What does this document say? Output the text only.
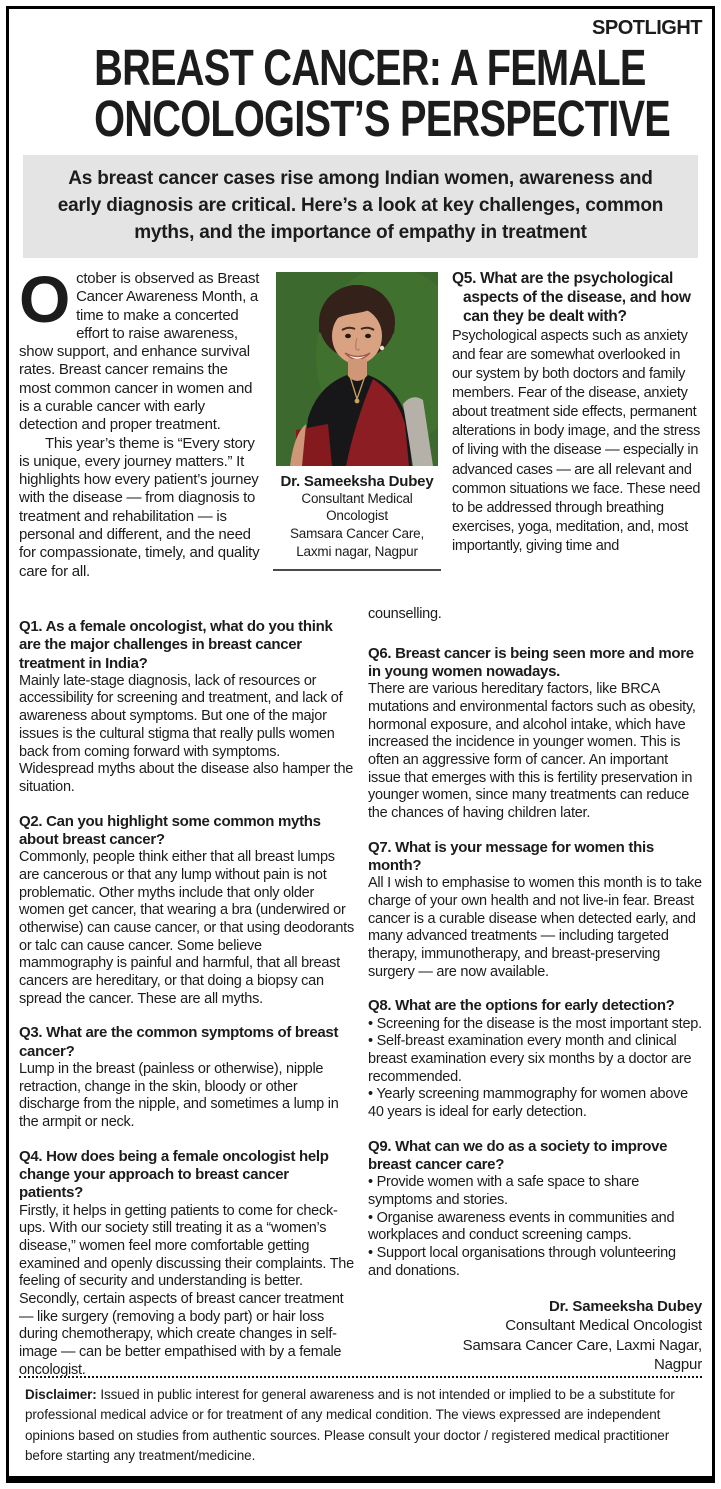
SPOTLIGHT
BREAST CANCER: A FEMALE
ONCOLOGIST’S PERSPECTIVE
As breast cancer cases rise among Indian women, awareness and early diagnosis are critical. Here’s a look at key challenges, common myths, and the importance of empathy in treatment

October is observed as Breast Cancer Awareness Month, a time to make a concerted effort to raise awareness, show support, and enhance survival rates. Breast cancer remains the most common cancer in women and is a curable cancer with early detection and proper treatment.

This year’s theme is “Every story is unique, every journey matters.” It highlights how every patient’s journey with the disease — from diagnosis to treatment and rehabilitation — is personal and different, and the need for compassionate, timely, and quality care for all.

Dr. Sameeksha Dubey
Consultant Medical Oncologist
Samsara Cancer Care,
Laxmi nagar, Nagpur
Q5. What are the psychological aspects of the disease, and how can they be dealt with?

Psychological aspects such as anxiety and fear are somewhat overlooked in our system by both doctors and family members. Fear of the disease, anxiety about treatment side effects, permanent alterations in body image, and the stress of living with the disease — especially in advanced cases — are all relevant and common situations we face. These need to be addressed through breathing exercises, yoga, meditation, and, most importantly, giving time and

Q1. As a female oncologist, what do you think are the major challenges in breast cancer treatment in India?

Mainly late-stage diagnosis, lack of resources or accessibility for screening and treatment, and lack of awareness about symptoms. But one of the major issues is the cultural stigma that really pulls women back from coming forward with symptoms. Widespread myths about the disease also hamper the situation.

Q2. Can you highlight some common myths about breast cancer?

Commonly, people think either that all breast lumps are cancerous or that any lump without pain is not problematic. Other myths include that only older women get cancer, that wearing a bra (underwired or otherwise) can cause cancer, or that using deodorants or talc can cause cancer. Some believe mammography is painful and harmful, that all breast cancers are hereditary, or that doing a biopsy can spread the cancer. These are all myths.

Q3. What are the common symptoms of breast cancer?

Lump in the breast (painless or otherwise), nipple retraction, change in the skin, bloody or other discharge from the nipple, and sometimes a lump in the armpit or neck.

Q4. How does being a female oncologist help change your approach to breast cancer patients?

Firstly, it helps in getting patients to come for check-ups. With our society still treating it as a “women’s disease,” women feel more comfortable getting examined and openly discussing their complaints. The feeling of security and understanding is better. Secondly, certain aspects of breast cancer treatment — like surgery (removing a body part) or hair loss during chemotherapy, which create changes in self-image — can be better empathised with by a female oncologist.

counselling.

Q6. Breast cancer is being seen more and more in young women nowadays.

There are various hereditary factors, like BRCA mutations and environmental factors such as obesity, hormonal exposure, and alcohol intake, which have increased the incidence in younger women. This is often an aggressive form of cancer. An important issue that emerges with this is fertility preservation in younger women, since many treatments can reduce the chances of having children later.

Q7. What is your message for women this month?

All I wish to emphasise to women this month is to take charge of your own health and not live-in fear. Breast cancer is a curable disease when detected early, and many advanced treatments — including targeted therapy, immunotherapy, and breast-preserving surgery — are now available.

Q8. What are the options for early detection?

• Screening for the disease is the most important step.

• Self-breast examination every month and clinical breast examination every six months by a doctor are recommended.

• Yearly screening mammography for women above 40 years is ideal for early detection.

Q9. What can we do as a society to improve breast cancer care?

• Provide women with a safe space to share symptoms and stories.

• Organise awareness events in communities and workplaces and conduct screening camps.

• Support local organisations through volunteering and donations.

Dr. Sameeksha Dubey
Consultant Medical Oncologist
Samsara Cancer Care, Laxmi Nagar,
Nagpur
Disclaimer: Issued in public interest for general awareness and is not intended or implied to be a substitute for professional medical advice or for treatment of any medical condition. The views expressed are independent opinions based on studies from authentic sources. Please consult your doctor / registered medical practitioner before starting any treatment/medicine.
